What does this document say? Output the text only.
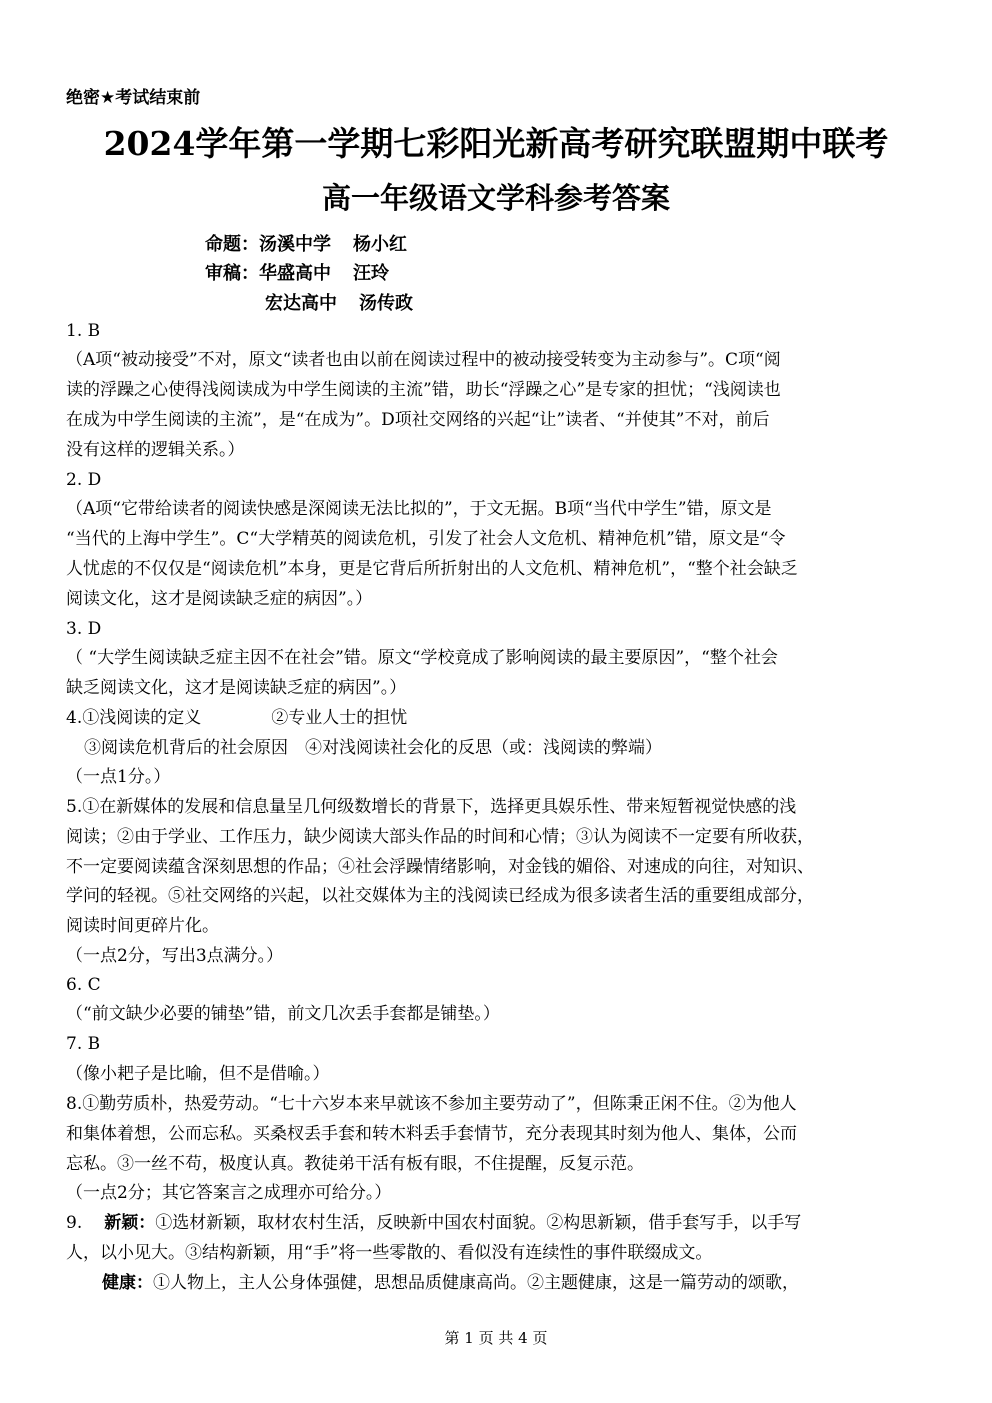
绝密★考试结束前
2024学年第一学期七彩阳光新高考研究联盟期中联考
高一年级语文学科参考答案
命题：汤溪中学 杨小红
审稿：华盛高中 汪玲
宏达高中 汤传政
1. B
（A项“被动接受”不对，原文“读者也由以前在阅读过程中的被动接受转变为主动参与”。C项“阅
读的浮躁之心使得浅阅读成为中学生阅读的主流”错，助长“浮躁之心”是专家的担忧；“浅阅读也
在成为中学生阅读的主流”，是“在成为”。D项社交网络的兴起“让”读者、“并使其”不对，前后
没有这样的逻辑关系。）
2. D
（A项“它带给读者的阅读快感是深阅读无法比拟的”，于文无据。B项“当代中学生”错，原文是
“当代的上海中学生”。C“大学精英的阅读危机，引发了社会人文危机、精神危机”错，原文是“令
人忧虑的不仅仅是“阅读危机”本身，更是它背后所折射出的人文危机、精神危机”，“整个社会缺乏
阅读文化，这才是阅读缺乏症的病因”。）
3. D
（ “大学生阅读缺乏症主因不在社会”错。原文“学校竟成了影响阅读的最主要原因”，“整个社会
缺乏阅读文化，这才是阅读缺乏症的病因”。）
4.①浅阅读的定义	②专业人士的担忧
③阅读危机背后的社会原因　④对浅阅读社会化的反思（或：浅阅读的弊端）
（一点1分。）
5.①在新媒体的发展和信息量呈几何级数增长的背景下，选择更具娱乐性、带来短暂视觉快感的浅
阅读；②由于学业、工作压力，缺少阅读大部头作品的时间和心情；③认为阅读不一定要有所收获，
不一定要阅读蕴含深刻思想的作品；④社会浮躁情绪影响，对金钱的媚俗、对速成的向往，对知识、
学问的轻视。⑤社交网络的兴起，以社交媒体为主的浅阅读已经成为很多读者生活的重要组成部分，
阅读时间更碎片化。
（一点2分，写出3点满分。）
6. C
（“前文缺少必要的铺垫”错，前文几次丢手套都是铺垫。）
7. B
（像小耙子是比喻，但不是借喻。）
8.①勤劳质朴，热爱劳动。“七十六岁本来早就该不参加主要劳动了”，但陈秉正闲不住。②为他人
和集体着想，公而忘私。买桑杈丢手套和转木料丢手套情节，充分表现其时刻为他人、集体，公而
忘私。③一丝不苟，极度认真。教徒弟干活有板有眼，不住提醒，反复示范。
（一点2分；其它答案言之成理亦可给分。）
9. 新颖：①选材新颖，取材农村生活，反映新中国农村面貌。②构思新颖，借手套写手，以手写
人，以小见大。③结构新颖，用“手”将一些零散的、看似没有连续性的事件联缀成文。
健康：①人物上，主人公身体强健，思想品质健康高尚。②主题健康，这是一篇劳动的颂歌，
第 1 页 共 4 页
